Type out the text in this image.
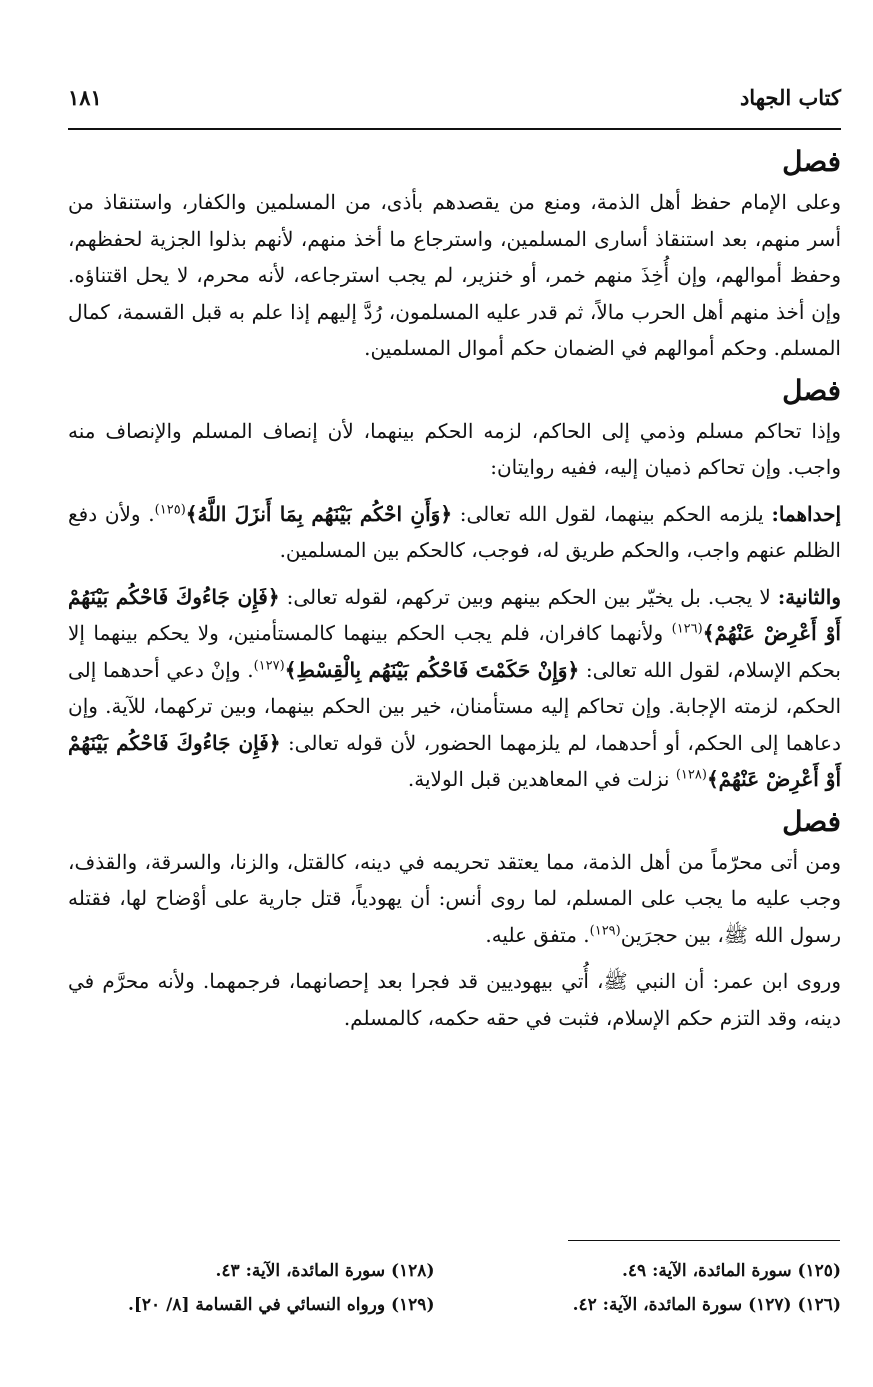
كتاب الجهاد
١٨١
فصل

وعلى الإمام حفظ أهل الذمة، ومنع من يقصدهم بأذى، من المسلمين والكفار، واستنقاذ من أسر منهم، بعد استنقاذ أسارى المسلمين، واسترجاع ما أخذ منهم، لأنهم بذلوا الجزية لحفظهم، وحفظ أموالهم، وإن أُخِذَ منهم خمر، أو خنزير، لم يجب استرجاعه، لأنه محرم، لا يحل اقتناؤه. وإن أخذ منهم أهل الحرب مالاً، ثم قدر عليه المسلمون، رُدَّ إليهم إذا علم به قبل القسمة، كمال المسلم. وحكم أموالهم في الضمان حكم أموال المسلمين.

فصل

وإذا تحاكم مسلم وذمي إلى الحاكم، لزمه الحكم بينهما، لأن إنصاف المسلم والإنصاف منه واجب. وإن تحاكم ذميان إليه، ففيه روايتان:

إحداهما: يلزمه الحكم بينهما، لقول الله تعالى: ﴿وَأَنِ احْكُم بَيْنَهُم بِمَا أَنزَلَ اللَّهُ﴾$^{(١٢٥)}$. ولأن دفع الظلم عنهم واجب، والحكم طريق له، فوجب، كالحكم بين المسلمين.

والثانية: لا يجب. بل يخيّر بين الحكم بينهم وبين تركهم، لقوله تعالى: ﴿فَإِن جَاءُوكَ فَاحْكُم بَيْنَهُمْ أَوْ أَعْرِضْ عَنْهُمْ﴾$^{(١٢٦)}$ ولأنهما كافران، فلم يجب الحكم بينهما كالمستأمنين، ولا يحكم بينهما إلا بحكم الإسلام، لقول الله تعالى: ﴿وَإِنْ حَكَمْتَ فَاحْكُم بَيْنَهُم بِالْقِسْطِ﴾$^{(١٢٧)}$. وإنْ دعي أحدهما إلى الحكم، لزمته الإجابة. وإن تحاكم إليه مستأمنان، خير بين الحكم بينهما، وبين تركهما، للآية. وإن دعاهما إلى الحكم، أو أحدهما، لم يلزمهما الحضور، لأن قوله تعالى: ﴿فَإِن جَاءُوكَ فَاحْكُم بَيْنَهُمْ أَوْ أَعْرِضْ عَنْهُمْ﴾$^{(١٢٨)}$ نزلت في المعاهدين قبل الولاية.

فصل

ومن أتى محرّماً من أهل الذمة، مما يعتقد تحريمه في دينه، كالقتل، والزنا، والسرقة، والقذف، وجب عليه ما يجب على المسلم، لما روى أنس: أن يهودياً، قتل جارية على أوْضاح لها، فقتله رسول الله ﷺ، بين حجرَين$^{(١٢٩)}$. متفق عليه.

وروى ابن عمر: أن النبي ﷺ، أُتي بيهوديين قد فجرا بعد إحصانهما، فرجمهما. ولأنه محرَّم في دينه، وقد التزم حكم الإسلام، فثبت في حقه حكمه، كالمسلم.

(١٢٥) سورة المائدة، الآية: ٤٩.
(١٢٨) سورة المائدة، الآية: ٤٣.
(١٢٦) (١٢٧) سورة المائدة، الآية: ٤٢.
(١٢٩) ورواه النسائي في القسامة [٨/ ٢٠].
